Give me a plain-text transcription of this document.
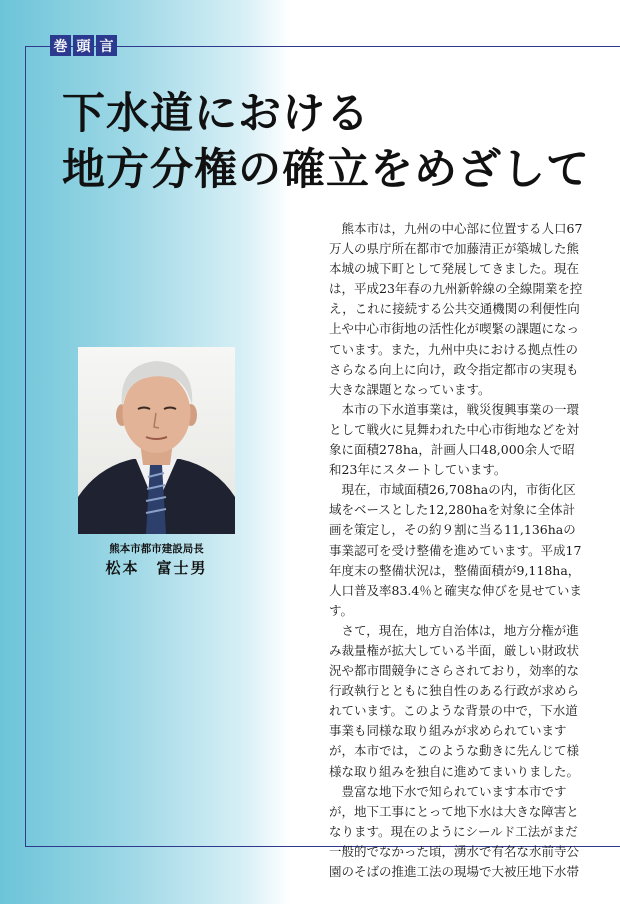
巻 頭 言
下水道における
地方分権の確立をめざして
熊本市都市建設局長
松本　富士男

熊本市は，九州の中心部に位置する人口67万人の県庁所在都市で加藤清正が築城した熊本城の城下町として発展してきました。現在は，平成23年春の九州新幹線の全線開業を控え，これに接続する公共交通機関の利便性向上や中心市街地の活性化が喫緊の課題になっています。また，九州中央における拠点性のさらなる向上に向け，政令指定都市の実現も大きな課題となっています。

本市の下水道事業は，戦災復興事業の一環として戦火に見舞われた中心市街地などを対象に面積278ha，計画人口48,000余人で昭和23年にスタートしています。

現在，市域面積26,708haの内，市街化区域をベースとした12,280haを対象に全体計画を策定し，その約９割に当る11,136haの事業認可を受け整備を進めています。平成17年度末の整備状況は，整備面積が9,118ha，人口普及率83.4％と確実な伸びを見せています。

さて，現在，地方自治体は，地方分権が進み裁量権が拡大している半面，厳しい財政状況や都市間競争にさらされており，効率的な行政執行とともに独自性のある行政が求められています。このような背景の中で，下水道事業も同様な取り組みが求められていますが，本市では，このような動きに先んじて様様な取り組みを独自に進めてまいりました。

豊富な地下水で知られています本市ですが，地下工事にとって地下水は大きな障害となります。現在のようにシールド工法がまだ一般的でなかった頃，湧水で有名な水前寺公園のそばの推進工法の現場で大被圧地下水帯
